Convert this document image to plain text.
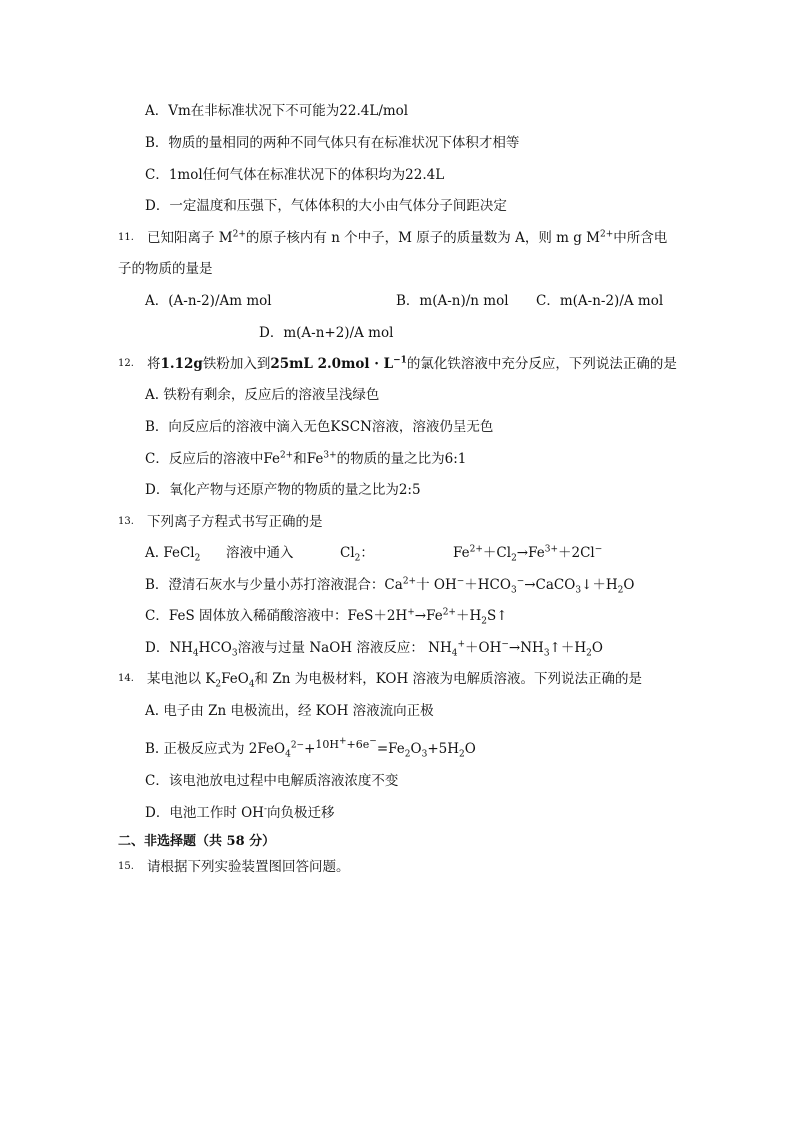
A．Vm在非标准状况下不可能为22.4L/mol
B．物质的量相同的两种不同气体只有在标准状况下体积才相等
C．1mol任何气体在标准状况下的体积均为22.4L
D．一定温度和压强下，气体体积的大小由气体分子间距决定
11. 已知阳离子 $M^{2+}$的原子核内有 n 个中子，M 原子的质量数为 A，则 m g $M^{2+}$中所含电
子的物质的量是
A．(A-n-2)/Am mol	B．m(A-n)/n mol C．m(A-n-2)/A mol
D．m(A-n+2)/A mol
12. 将1.12g铁粉加入到25mL $2.0mol \cdot L^{-1}$的氯化铁溶液中充分反应，下列说法正确的是
A. 铁粉有剩余，反应后的溶液呈浅绿色
B．向反应后的溶液中滴入无色KSCN溶液，溶液仍呈无色
C．反应后的溶液中$Fe^{2+}$和$Fe^{3+}$的物质的量之比为6:1
D．氧化产物与还原产物的物质的量之比为2:5
13. 下列离子方程式书写正确的是
A. FeCl$_2$ 溶液中通入	$Cl_2$：	$Fe^{2+}+Cl_2\to Fe^{3+}+2Cl^-$
B．澄清石灰水与少量小苏打溶液混合：$Ca^{2+}$十 $OH^-+HCO_3^-\to CaCO_3↓+H_2O$
C．FeS 固体放入稀硝酸溶液中：$FeS+2H^+\to Fe^{2+}+H_2S↑$
D．$NH_4HCO_3$溶液与过量 NaOH 溶液反应： $NH_4^++OH^-\to NH_3↑+H_2O$
14. 某电池以 $K_2FeO_4$和 Zn 为电极材料，KOH 溶液为电解质溶液。下列说法正确的是
A. 电子由 Zn 电极流出，经 KOH 溶液流向正极
B. 正极反应式为 $2FeO_4^{2-}+^{10H^++6e^-}=Fe_2O_3+5H_2O$
C．该电池放电过程中电解质溶液浓度不变
D．电池工作时 OH-向负极迁移
二、非选择题（共 58 分）
15. 请根据下列实验装置图回答问题。
